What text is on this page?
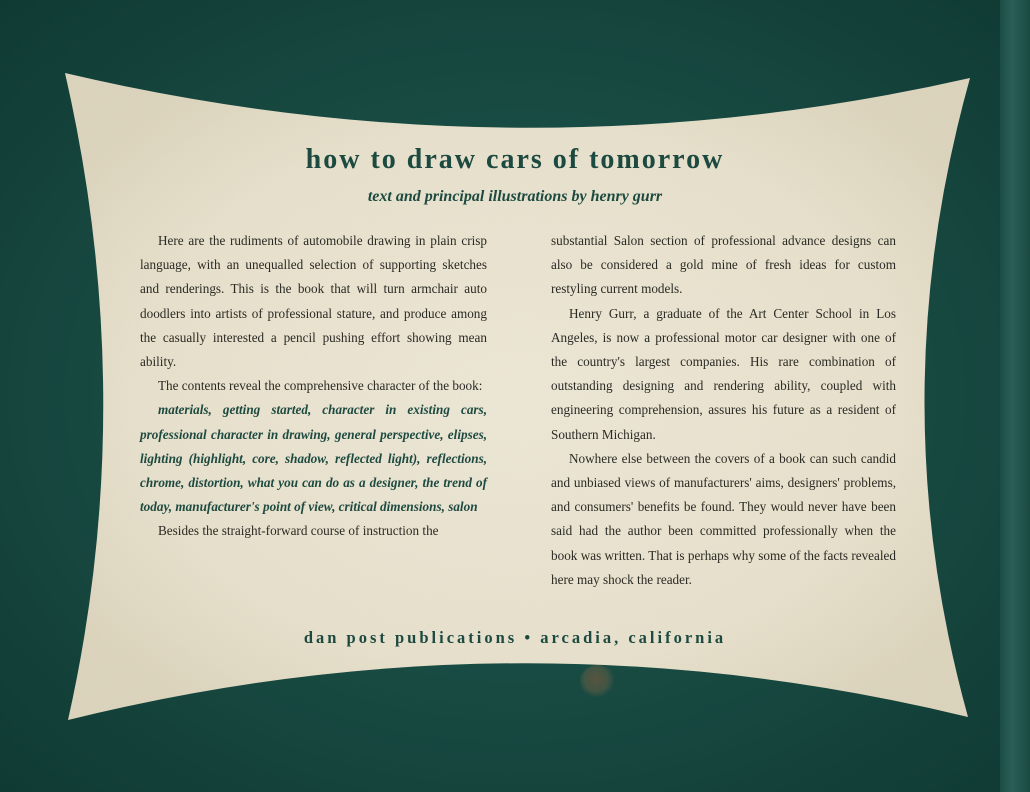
how to draw cars of tomorrow
text and principal illustrations by henry gurr

Here are the rudiments of automobile drawing in plain crisp language, with an unequalled selection of supporting sketches and renderings. This is the book that will turn armchair auto doodlers into artists of professional stature, and produce among the casually interested a pencil pushing effort showing mean ability.

The contents reveal the comprehensive character of the book:

materials, getting started, character in existing cars, professional character in drawing, general perspective, elipses, lighting (highlight, core, shadow, reflected light), reflections, chrome, distortion, what you can do as a designer, the trend of today, manufacturer's point of view, critical dimensions, salon

Besides the straight-forward course of instruction the

substantial Salon section of professional advance designs can also be considered a gold mine of fresh ideas for custom restyling current models.

Henry Gurr, a graduate of the Art Center School in Los Angeles, is now a professional motor car designer with one of the country's largest companies. His rare combination of outstanding designing and rendering ability, coupled with engineering comprehension, assures his future as a resident of Southern Michigan.

Nowhere else between the covers of a book can such candid and unbiased views of manufacturers' aims, designers' problems, and consumers' benefits be found. They would never have been said had the author been committed professionally when the book was written. That is perhaps why some of the facts revealed here may shock the reader.

dan post publications • arcadia, california
